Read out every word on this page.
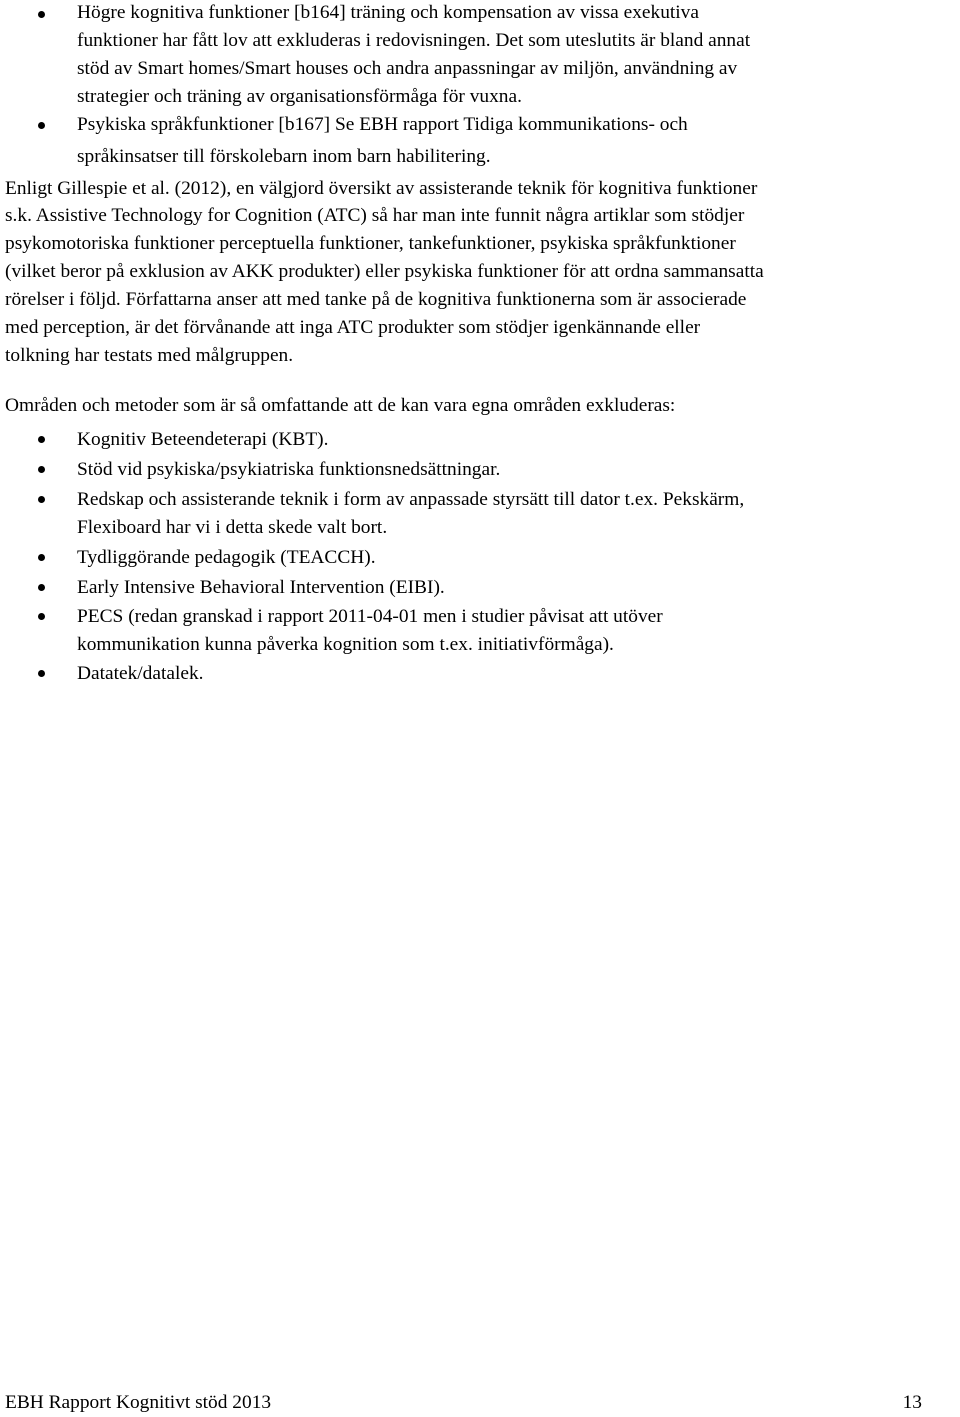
Högre kognitiva funktioner [b164] träning och kompensation av vissa exekutiva
funktioner har fått lov att exkluderas i redovisningen. Det som uteslutits är bland annat
stöd av Smart homes/Smart houses och andra anpassningar av miljön, användning av
strategier och träning av organisationsförmåga för vuxna.
Psykiska språkfunktioner [b167] Se EBH rapport Tidiga kommunikations- och
språkinsatser till förskolebarn inom barn habilitering.
Enligt Gillespie et al. (2012), en välgjord översikt av assisterande teknik för kognitiva funktioner
s.k. Assistive Technology for Cognition (ATC) så har man inte funnit några artiklar som stödjer
psykomotoriska funktioner perceptuella funktioner, tankefunktioner, psykiska språkfunktioner
(vilket beror på exklusion av AKK produkter) eller psykiska funktioner för att ordna sammansatta
rörelser i följd. Författarna anser att med tanke på de kognitiva funktionerna som är associerade
med perception, är det förvånande att inga ATC produkter som stödjer igenkännande eller
tolkning har testats med målgruppen.
Områden och metoder som är så omfattande att de kan vara egna områden exkluderas:
Kognitiv Beteendeterapi (KBT).
Stöd vid psykiska/psykiatriska funktionsnedsättningar.
Redskap och assisterande teknik i form av anpassade styrsätt till dator t.ex. Pekskärm,
Flexiboard har vi i detta skede valt bort.
Tydliggörande pedagogik (TEACCH).
Early Intensive Behavioral Intervention (EIBI).
PECS (redan granskad i rapport 2011-04-01 men i studier påvisat att utöver
kommunikation kunna påverka kognition som t.ex. initiativförmåga).
Datatek/datalek.
EBH Rapport Kognitivt stöd 2013	13
